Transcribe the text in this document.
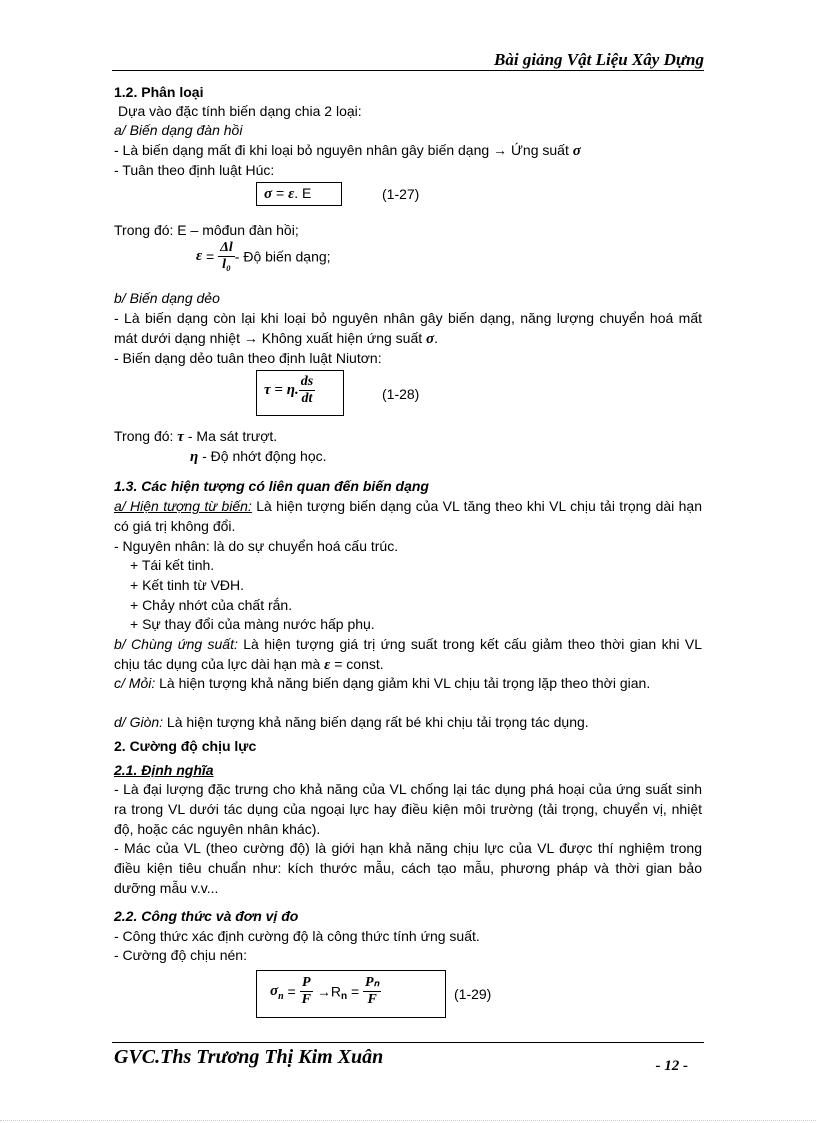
Bài giảng Vật Liệu Xây Dựng
1.2. Phân loại
Dựa vào đặc tính biến dạng chia 2 loại:
a/ Biến dạng đàn hồi
- Là biến dạng mất đi khi loại bỏ nguyên nhân gây biến dạng → Ứng suất σ
- Tuân theo định luật Húc:
σ = ε. E	(1-27)
Trong đó: E – môđun đàn hồi;
$\varepsilon = \frac{\Delta l}{\text{l₀}}$ - Độ biến dạng;
b/ Biến dạng dẻo
- Là biến dạng còn lại khi loại bỏ nguyên nhân gây biến dạng, năng lượng chuyển hoá mất mát dưới dạng nhiệt → Không xuất hiện ứng suất σ.
- Biến dạng dẻo tuân theo định luật Niutơn:
τ = η. $\frac{ds}{dt}$	(1-28)
Trong đó: τ - Ma sát trượt.
η - Độ nhớt động học.
1.3. Các hiện tượng có liên quan đến biến dạng
a/ Hiện tượng từ biến: Là hiện tượng biến dạng của VL tăng theo khi VL chịu tải trọng dài hạn có giá trị không đổi.
- Nguyên nhân: là do sự chuyển hoá cấu trúc.
+ Tái kết tinh.
+ Kết tinh từ VĐH.
+ Chảy nhớt của chất rắn.
+ Sự thay đổi của màng nước hấp phụ.
b/ Chùng ứng suất: Là hiện tượng giá trị ứng suất trong kết cấu giảm theo thời gian khi VL chịu tác dụng của lực dài hạn mà ε = const.
c/ Mỏi: Là hiện tượng khả năng biến dạng giảm khi VL chịu tải trọng lặp theo thời gian.
d/ Giòn: Là hiện tượng khả năng biến dạng rất bé khi chịu tải trọng tác dụng.
2. Cường độ chịu lực
2.1. Định nghĩa
- Là đại lượng đặc trưng cho khả năng của VL chống lại tác dụng phá hoại của ứng suất sinh ra trong VL dưới tác dụng của ngoại lực hay điều kiện môi trường (tải trọng, chuyển vị, nhiệt độ, hoặc các nguyên nhân khác).
- Mác của VL (theo cường độ) là giới hạn khả năng chịu lực của VL được thí nghiệm trong điều kiện tiêu chuẩn như: kích thước mẫu, cách tạo mẫu, phương pháp và thời gian bảo dưỡng mẫu v.v...
2.2. Công thức và đơn vị đo
- Công thức xác định cường độ là công thức tính ứng suất.
- Cường độ chịu nén:
$\sigma_n = \frac{P}{F} \to R_n = \frac{\text{Pₙ}}{F}$	(1-29)
GVC.Ths Trương Thị Kim Xuân	- 12 -
